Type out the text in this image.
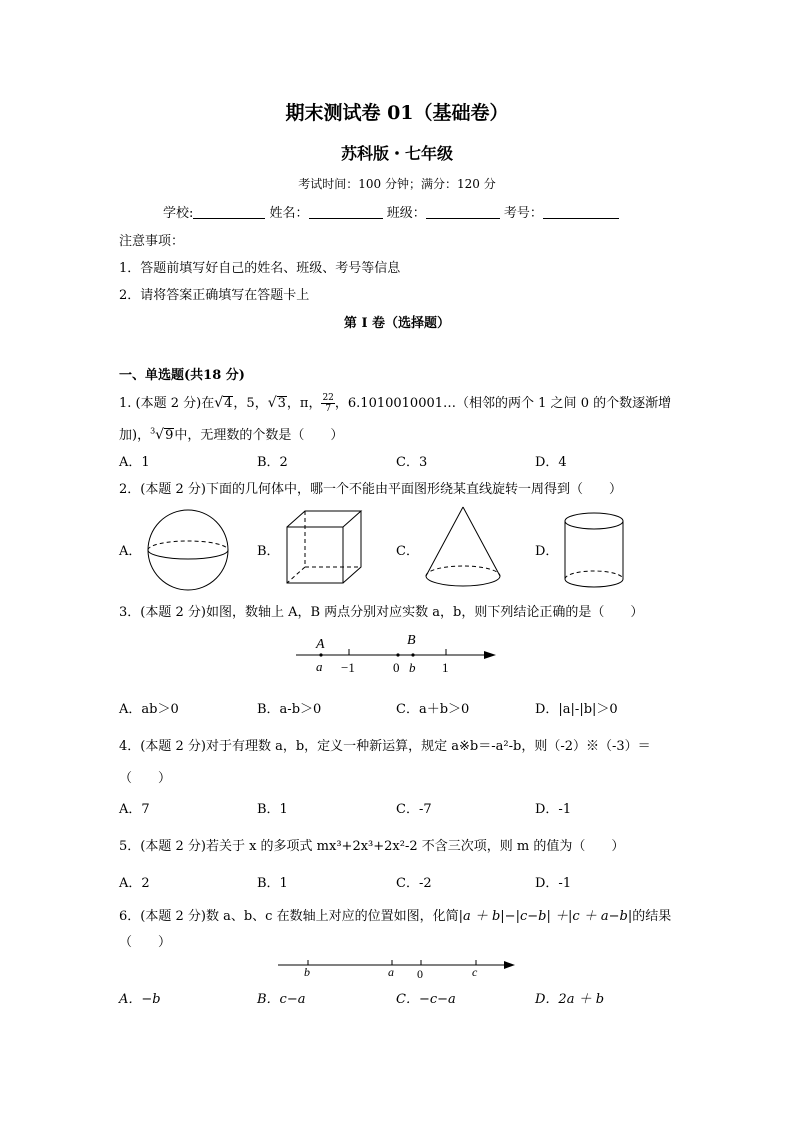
期末测试卷 01（基础卷）
苏科版・七年级
考试时间：100 分钟；满分：120 分
学校:	姓名：	班级：	考号：
注意事项：
1．答题前填写好自己的姓名、班级、考号等信息
2．请将答案正确填写在答题卡上
第 I 卷（选择题）
一、单选题(共18 分)
1. (本题 2 分)在√4，5，√3，π， $\frac{22}{7}$ ，6.1010010001…（相邻的两个 1 之间 0 的个数逐渐增
加)，$^3$√9中，无理数的个数是（　　）
A．1	B．2	C．3	D．4
2．(本题 2 分)下面的几何体中，哪一个不能由平面图形绕某直线旋转一周得到（　　）
A．	B．	C．	D．
3．(本题 2 分)如图，数轴上 A，B 两点分别对应实数 a，b，则下列结论正确的是（　　）
A	B
a −1	0 b 1
A．ab＞0	B．a-b＞0	C．a＋b＞0	D．|a|-|b|＞0
4．(本题 2 分)对于有理数 a，b，定义一种新运算，规定 a※b＝-a²-b，则（-2）※（-3）＝
（　　）
A．7	B．1	C．-7	D．-1
5．(本题 2 分)若关于 x 的多项式 mx³+2x³+2x²-2 不含三次项，则 m 的值为（　　）
A．2	B．1	C．-2	D．-1
6．(本题 2 分)数 a、b、c 在数轴上对应的位置如图，化简|a ＋ b|−|c−b| ＋|c ＋ a−b|的结果
（　　）
b	a 0	c
A．−b	B．c−a	C．−c−a	D．2a ＋ b
